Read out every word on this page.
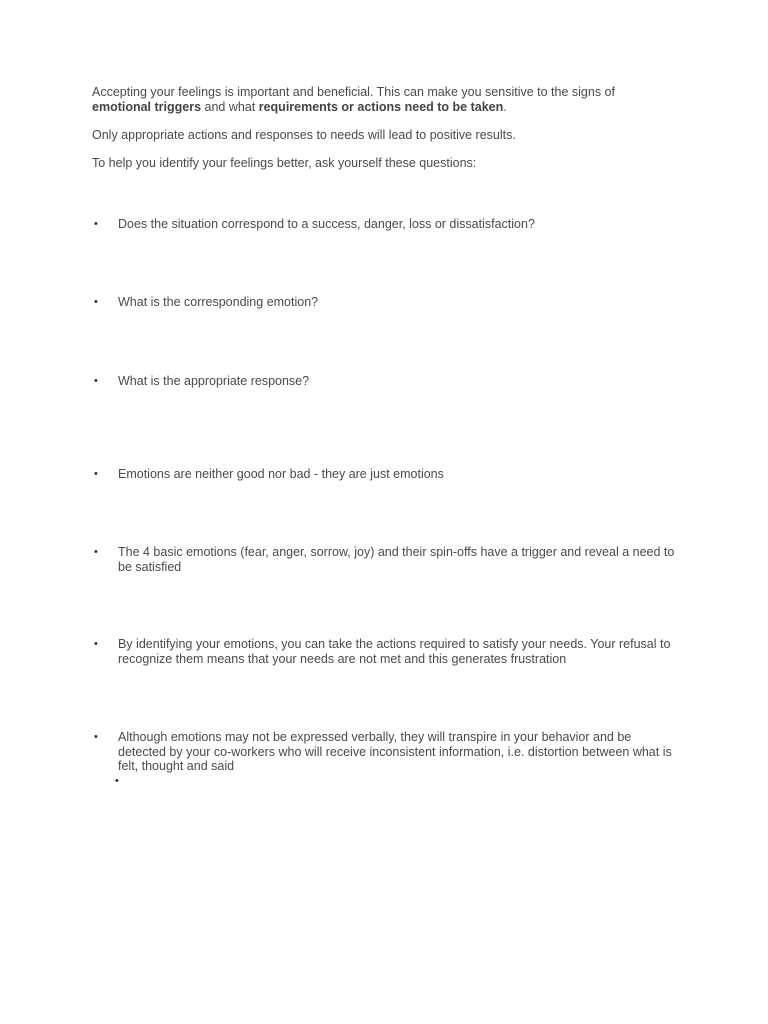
Accepting your feelings is important and beneficial. This can make you sensitive to the signs of emotional triggers and what requirements or actions need to be taken.

Only appropriate actions and responses to needs will lead to positive results.

To help you identify your feelings better, ask yourself these questions:

•	Does the situation correspond to a success, danger, loss or dissatisfaction?
•	What is the corresponding emotion?
•	What is the appropriate response?
•	Emotions are neither good nor bad - they are just emotions
•	The 4 basic emotions (fear, anger, sorrow, joy) and their spin-offs have a trigger and reveal a need to be satisfied
•	By identifying your emotions, you can take the actions required to satisfy your needs. Your refusal to recognize them means that your needs are not met and this generates frustration
•	Although emotions may not be expressed verbally, they will transpire in your behavior and be detected by your co-workers who will receive inconsistent information, i.e. distortion between what is felt, thought and said
•
